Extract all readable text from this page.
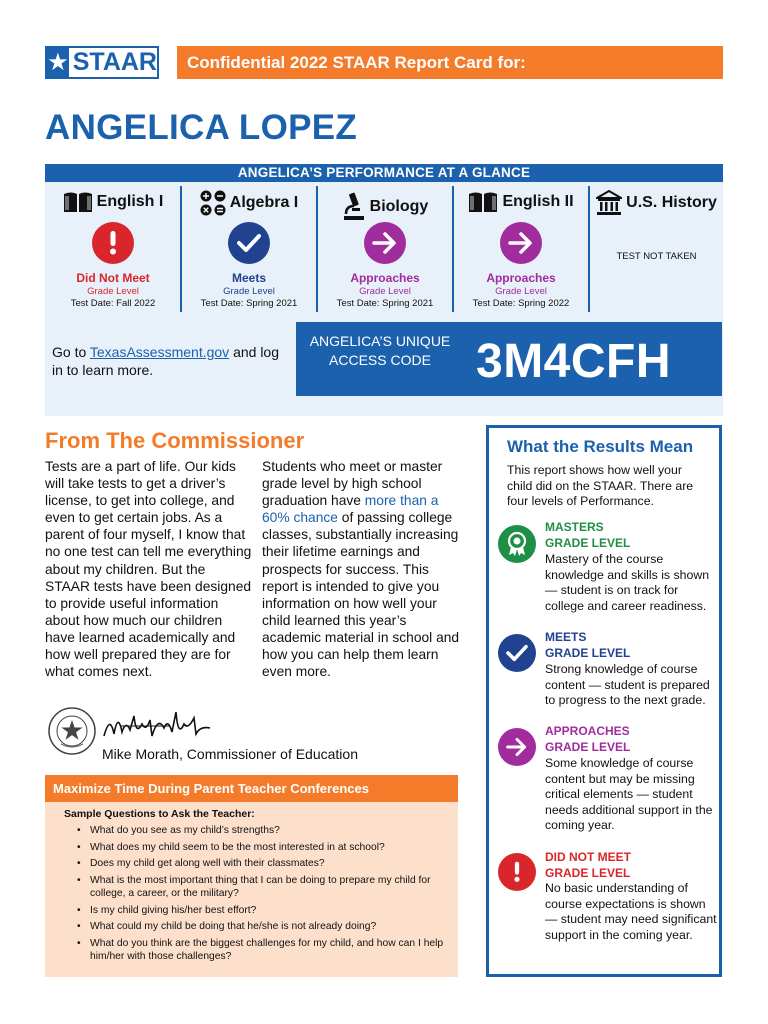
★ STAAR	Confidential 2022 STAAR Report Card for:
ANGELICA LOPEZ
ANGELICA’S PERFORMANCE AT A GLANCE
English I
Did Not Meet
Grade Level
Test Date: Fall 2022
Algebra I
Meets
Grade Level
Test Date: Spring 2021
Biology
Approaches
Grade Level
Test Date: Spring 2021
English II
Approaches
Grade Level
Test Date: Spring 2022
U.S. History
TEST NOT TAKEN
Go to TexasAssessment.gov and log in to learn more.
ANGELICA’S UNIQUE ACCESS CODE 3M4CFH
From The Commissioner
Tests are a part of life. Our kids will take tests to get a driver’s license, to get into college, and even to get certain jobs. As a parent of four myself, I know that no one test can tell me everything about my children. But the STAAR tests have been designed to provide useful information about how much our children have learned academically and how well prepared they are for what comes next.
Students who meet or master grade level by high school graduation have more than a 60% chance of passing college classes, substantially increasing their lifetime earnings and prospects for success. This report is intended to give you information on how well your child learned this year’s academic material in school and how you can help them learn even more.
Mike Morath, Commissioner of Education
Maximize Time During Parent Teacher Conferences
Sample Questions to Ask the Teacher:
• What do you see as my child’s strengths?
• What does my child seem to be the most interested in at school?
• Does my child get along well with their classmates?
• What is the most important thing that I can be doing to prepare my child for college, a career, or the military?
• Is my child giving his/her best effort?
• What could my child be doing that he/she is not already doing?
• What do you think are the biggest challenges for my child, and how can I help him/her with those challenges?
What the Results Mean
This report shows how well your child did on the STAAR. There are four levels of Performance.
MASTERS
GRADE LEVEL
Mastery of the course knowledge and skills is shown — student is on track for college and career readiness.
MEETS
GRADE LEVEL
Strong knowledge of course content — student is prepared to progress to the next grade.
APPROACHES
GRADE LEVEL
Some knowledge of course content but may be missing critical elements — student needs additional support in the coming year.
DID NOT MEET
GRADE LEVEL
No basic understanding of course expectations is shown — student may need significant support in the coming year.
